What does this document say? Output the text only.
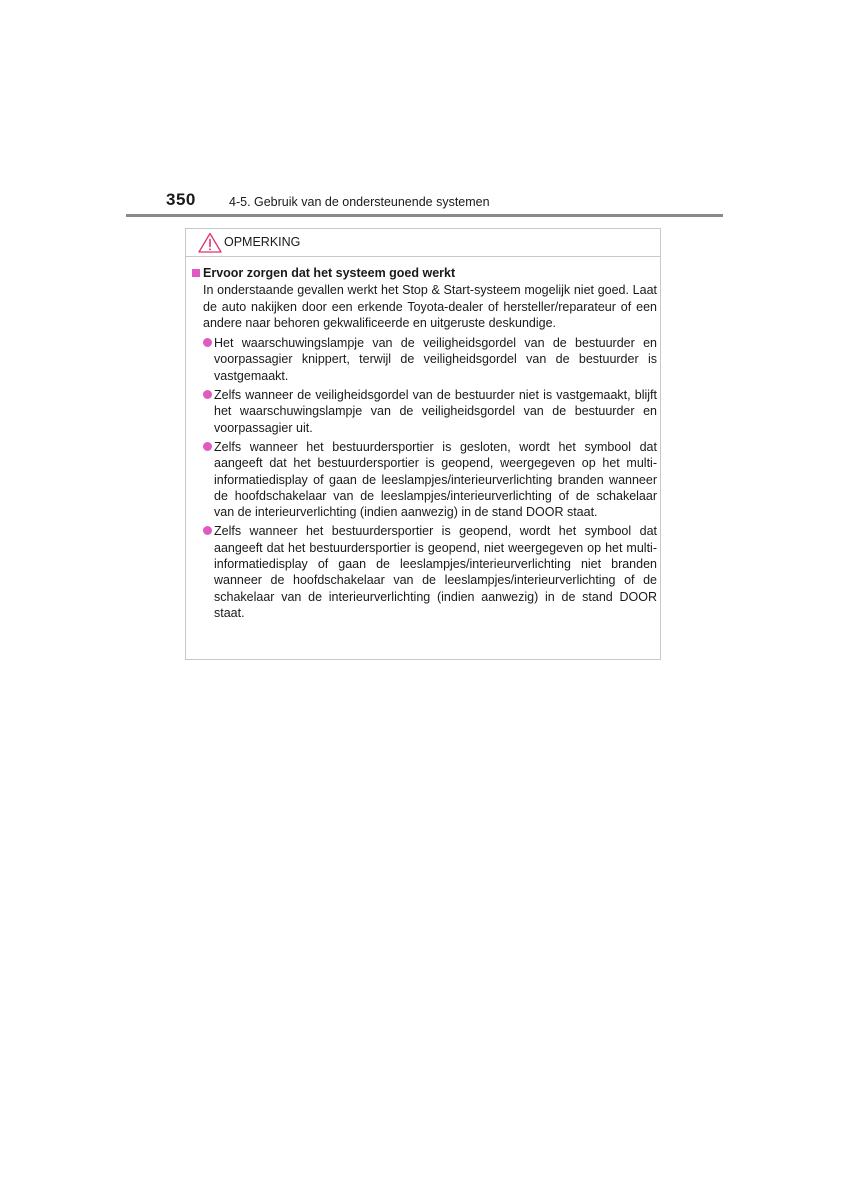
350	4-5. Gebruik van de ondersteunende systemen
OPMERKING
Ervoor zorgen dat het systeem goed werkt
In onderstaande gevallen werkt het Stop & Start-systeem mogelijk niet goed. Laat de auto nakijken door een erkende Toyota-dealer of hersteller/reparateur of een andere naar behoren gekwalificeerde en uitgeruste deskundige.
Het waarschuwingslampje van de veiligheidsgordel van de bestuurder en voorpassagier knippert, terwijl de veiligheidsgordel van de bestuurder is vastgemaakt.
Zelfs wanneer de veiligheidsgordel van de bestuurder niet is vastgemaakt, blijft het waarschuwingslampje van de veiligheidsgordel van de bestuurder en voorpassagier uit.
Zelfs wanneer het bestuurdersportier is gesloten, wordt het symbool dat aangeeft dat het bestuurdersportier is geopend, weergegeven op het multi-informatiedisplay of gaan de leeslampjes/interieurverlichting branden wanneer de hoofdschakelaar van de leeslampjes/interieurverlichting of de schakelaar van de interieurverlichting (indien aanwezig) in de stand DOOR staat.
Zelfs wanneer het bestuurdersportier is geopend, wordt het symbool dat aangeeft dat het bestuurdersportier is geopend, niet weergegeven op het multi-informatiedisplay of gaan de leeslampjes/interieurverlichting niet branden wanneer de hoofdschakelaar van de leeslampjes/interieurverlichting of de schakelaar van de interieurverlichting (indien aanwezig) in de stand DOOR staat.
